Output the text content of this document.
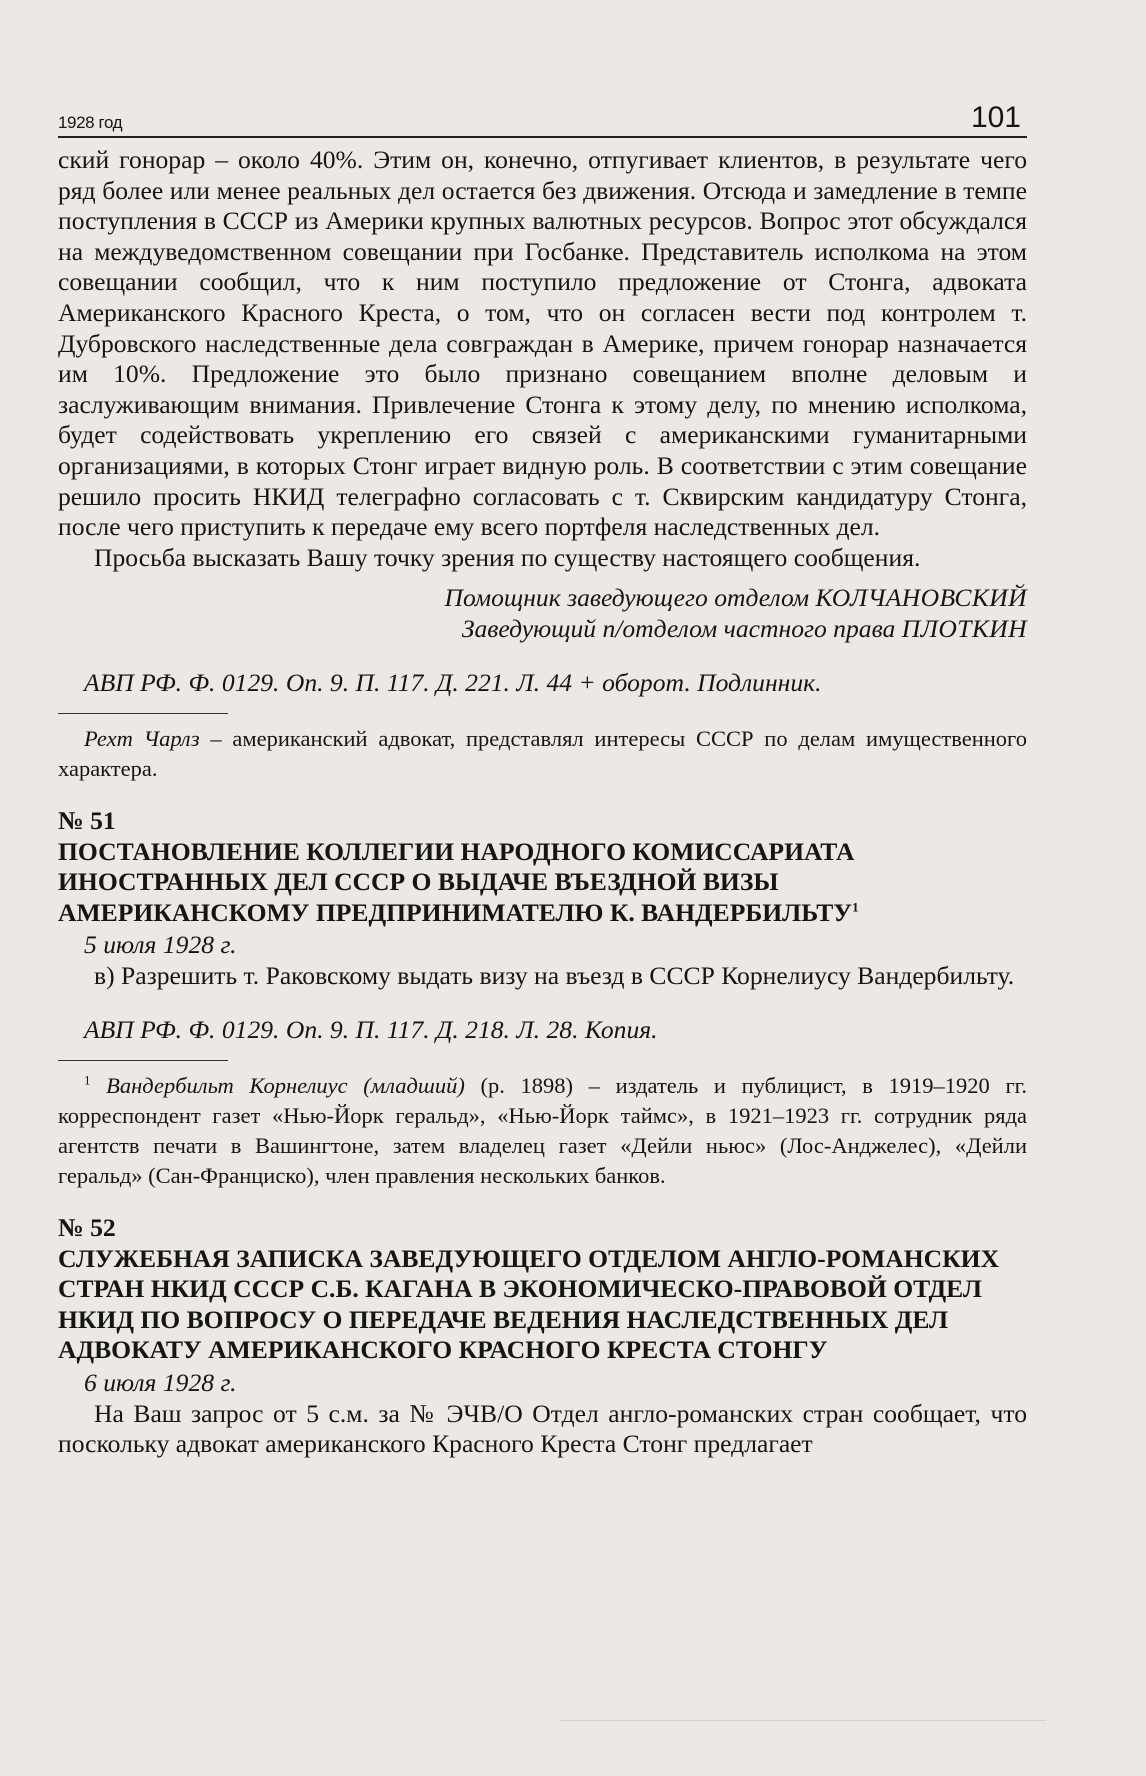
1928 год	101

ский гонорар – около 40%. Этим он, конечно, отпугивает клиентов, в результате чего ряд более или менее реальных дел остается без движения. Отсюда и замедление в темпе поступления в СССР из Америки крупных валютных ресурсов. Вопрос этот обсуждался на междуведомственном совещании при Госбанке. Представитель исполкома на этом совещании сообщил, что к ним поступило предложение от Стонга, адвоката Американского Красного Креста, о том, что он согласен вести под контролем т. Дубровского наследственные дела совграждан в Америке, причем гонорар назначается им 10%. Предложение это было признано совещанием вполне деловым и заслуживающим внимания. Привлечение Стонга к этому делу, по мнению исполкома, будет содействовать укреплению его связей с американскими гуманитарными организациями, в которых Стонг играет видную роль. В соответствии с этим совещание решило просить НКИД телеграфно согласовать с т. Сквирским кандидатуру Стонга, после чего приступить к передаче ему всего портфеля наследственных дел.

Просьба высказать Вашу точку зрения по существу настоящего сообщения.

Помощник заведующего отделом КОЛЧАНОВСКИЙ
Заведующий п/отделом частного права ПЛОТКИН

АВП РФ. Ф. 0129. Оп. 9. П. 117. Д. 221. Л. 44 + оборот. Подлинник.

Рехт Чарлз – американский адвокат, представлял интересы СССР по делам имущественного характера.

№ 51

ПОСТАНОВЛЕНИЕ КОЛЛЕГИИ НАРОДНОГО КОМИССАРИАТА ИНОСТРАННЫХ ДЕЛ СССР О ВЫДАЧЕ ВЪЕЗДНОЙ ВИЗЫ АМЕРИКАНСКОМУ ПРЕДПРИНИМАТЕЛЮ К. ВАНДЕРБИЛЬТУ$^1$

5 июля 1928 г.

в) Разрешить т. Раковскому выдать визу на въезд в СССР Корнелиусу Вандербильту.

АВП РФ. Ф. 0129. Оп. 9. П. 117. Д. 218. Л. 28. Копия.

$^1$ Вандербильт Корнелиус (младший) (р. 1898) – издатель и публицист, в 1919–1920 гг. корреспондент газет «Нью-Йорк геральд», «Нью-Йорк таймс», в 1921–1923 гг. сотрудник ряда агентств печати в Вашингтоне, затем владелец газет «Дейли ньюс» (Лос-Анджелес), «Дейли геральд» (Сан-Франциско), член правления нескольких банков.

№ 52

СЛУЖЕБНАЯ ЗАПИСКА ЗАВЕДУЮЩЕГО ОТДЕЛОМ АНГЛО-РОМАНСКИХ СТРАН НКИД СССР С.Б. КАГАНА В ЭКОНОМИЧЕСКО-ПРАВОВОЙ ОТДЕЛ НКИД ПО ВОПРОСУ О ПЕРЕДАЧЕ ВЕДЕНИЯ НАСЛЕДСТВЕННЫХ ДЕЛ АДВОКАТУ АМЕРИКАНСКОГО КРАСНОГО КРЕСТА СТОНГУ

6 июля 1928 г.

На Ваш запрос от 5 с.м. за № ЭЧВ/О Отдел англо-романских стран сообщает, что поскольку адвокат американского Красного Креста Стонг предлагает
